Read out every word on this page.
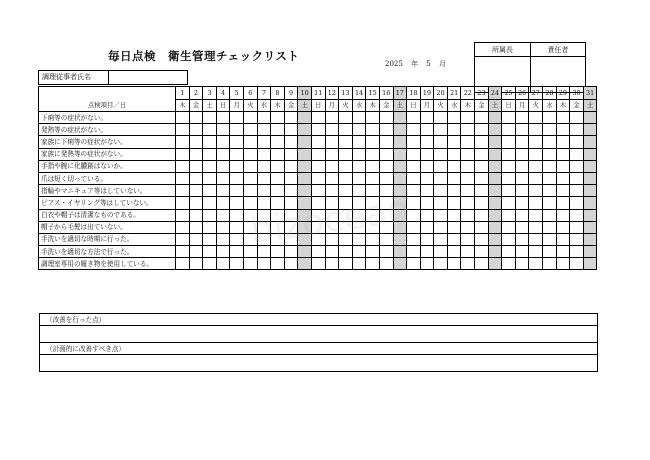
毎日点検　衛生管理チェックリスト
2025 年 5 月
所属長	責任者

調理従事者氏名
	1	2	3	4	5	6	7	8	9	10	11	12	13	14	15	16	17	18	19	20	21	22	23	24	25	26	27	28	29	30	31
点検項目／日	木	金	土	日	月	火	水	木	金	土	日	月	火	水	木	金	土	日	月	火	水	木	金	土	日	月	火	水	木	金	土
下痢等の症状がない。																															
発熱等の症状がない。																															
家族に下痢等の症状がない。																															
家族に発熱等の症状がない。																															
手指や腕に化膿創はないか。																															
爪は短く切っている。																															
指輪やマニキュア等はしていない。																															
ピアス・イヤリング等はしていない。																															
白衣や帽子は清潔なものである。																															
帽子から毛髪は出ていない。																															
手洗いを適切な時期に行った。																															
手洗いを適切な方法で行った。																															
調理室専用の履き物を使用している。																															
（改善を行った点）
（計画的に改善すべき点）
bizocean
